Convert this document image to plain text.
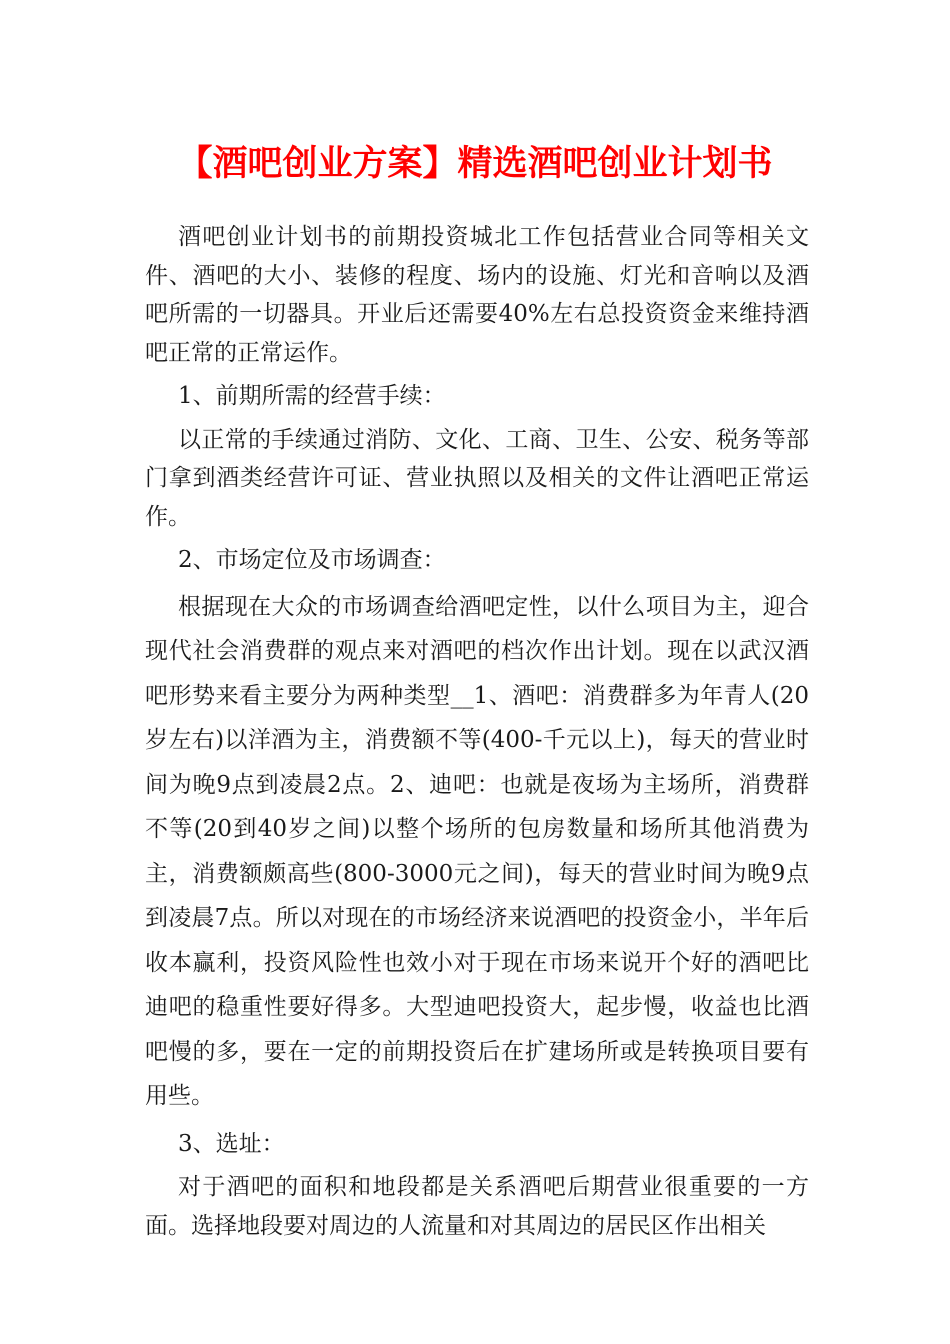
【酒吧创业方案】精选酒吧创业计划书

酒吧创业计划书的前期投资城北工作包括营业合同等相关文件、酒吧的大小、装修的程度、场内的设施、灯光和音响以及酒吧所需的一切器具。开业后还需要40%左右总投资资金来维持酒吧正常的正常运作。

1、前期所需的经营手续：

以正常的手续通过消防、文化、工商、卫生、公安、税务等部门拿到酒类经营许可证、营业执照以及相关的文件让酒吧正常运作。

2、市场定位及市场调查：

根据现在大众的市场调查给酒吧定性，以什么项目为主，迎合现代社会消费群的观点来对酒吧的档次作出计划。现在以武汉酒吧形势来看主要分为两种类型__1、酒吧：消费群多为年青人(20岁左右)以洋酒为主，消费额不等(400-千元以上)，每天的营业时间为晚9点到凌晨2点。2、迪吧：也就是夜场为主场所，消费群不等(20到40岁之间)以整个场所的包房数量和场所其他消费为主，消费额颇高些(800-3000元之间)，每天的营业时间为晚9点到凌晨7点。所以对现在的市场经济来说酒吧的投资金小，半年后收本赢利，投资风险性也效小对于现在市场来说开个好的酒吧比迪吧的稳重性要好得多。大型迪吧投资大，起步慢，收益也比酒吧慢的多，要在一定的前期投资后在扩建场所或是转换项目要有用些。

3、选址：

对于酒吧的面积和地段都是关系酒吧后期营业很重要的一方面。选择地段要对周边的人流量和对其周边的居民区作出相关
